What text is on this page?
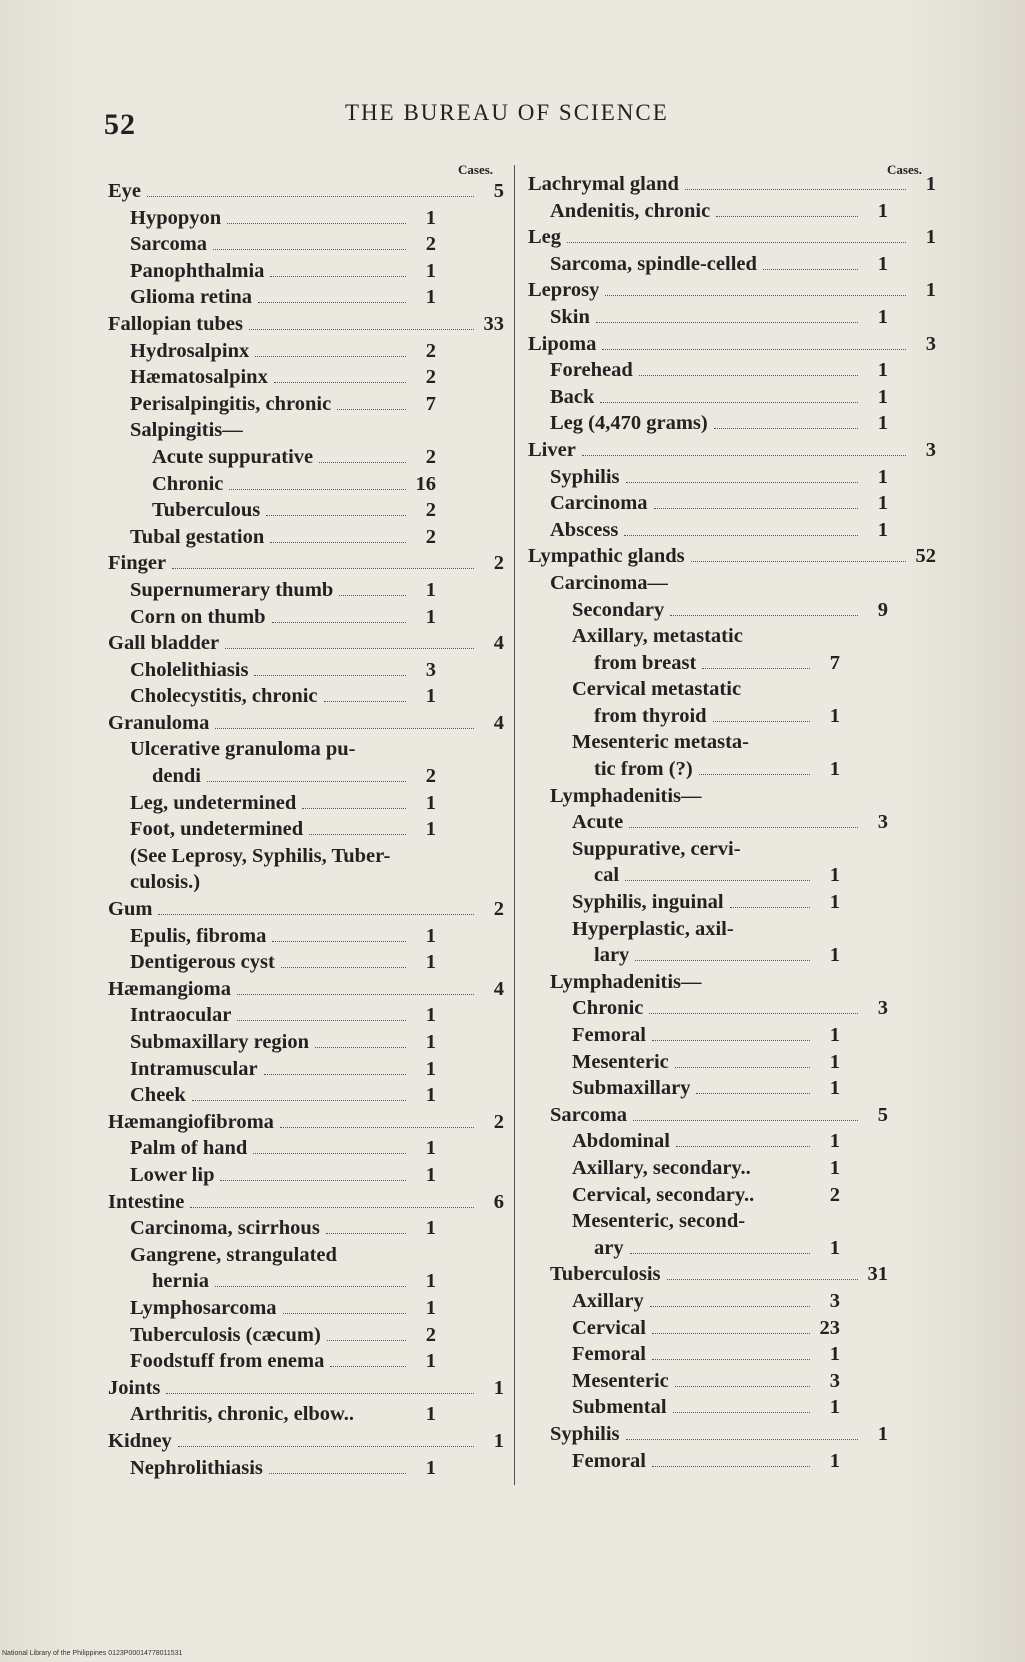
52	THE BUREAU OF SCIENCE
Cases.	Cases.
Eye	5
Hypopyon	1
Sarcoma	2
Panophthalmia	1
Glioma retina	1
Fallopian tubes	33
Hydrosalpinx	2
Hæmatosalpinx	2
Perisalpingitis, chronic	7
Salpingitis—
Acute suppurative	2
Chronic	16
Tuberculous	2
Tubal gestation	2
Finger	2
Supernumerary thumb	1
Corn on thumb	1
Gall bladder	4
Cholelithiasis	3
Cholecystitis, chronic	1
Granuloma	4
Ulcerative granuloma pu-
dendi	2
Leg, undetermined	1
Foot, undetermined	1
(See Leprosy, Syphilis, Tuber-
culosis.)
Gum	2
Epulis, fibroma	1
Dentigerous cyst	1
Hæmangioma	4
Intraocular	1
Submaxillary region	1
Intramuscular	1
Cheek	1
Hæmangiofibroma	2
Palm of hand	1
Lower lip	1
Intestine	6
Carcinoma, scirrhous	1
Gangrene, strangulated
hernia	1
Lymphosarcoma	1
Tuberculosis (cæcum)	2
Foodstuff from enema	1
Joints	1
Arthritis, chronic, elbow..	1
Kidney	1
Nephrolithiasis	1
Lachrymal gland	1
Andenitis, chronic	1
Leg	1
Sarcoma, spindle-celled	1
Leprosy	1
Skin	1
Lipoma	3
Forehead	1
Back	1
Leg (4,470 grams)	1
Liver	3
Syphilis	1
Carcinoma	1
Abscess	1
Lympathic glands	52
Carcinoma—
Secondary	9
Axillary, metastatic
from breast	7
Cervical metastatic
from thyroid	1
Mesenteric metasta-
tic from (?)	1
Lymphadenitis—
Acute	3
Suppurative, cervi-
cal	1
Syphilis, inguinal	1
Hyperplastic, axil-
lary	1
Lymphadenitis—
Chronic	3
Femoral	1
Mesenteric	1
Submaxillary	1
Sarcoma	5
Abdominal	1
Axillary, secondary..	1
Cervical, secondary..	2
Mesenteric, second-
ary	1
Tuberculosis	31
Axillary	3
Cervical	23
Femoral	1
Mesenteric	3
Submental	1
Syphilis	1
Femoral	1
National Library of the Philippines 0123P00014778011531
